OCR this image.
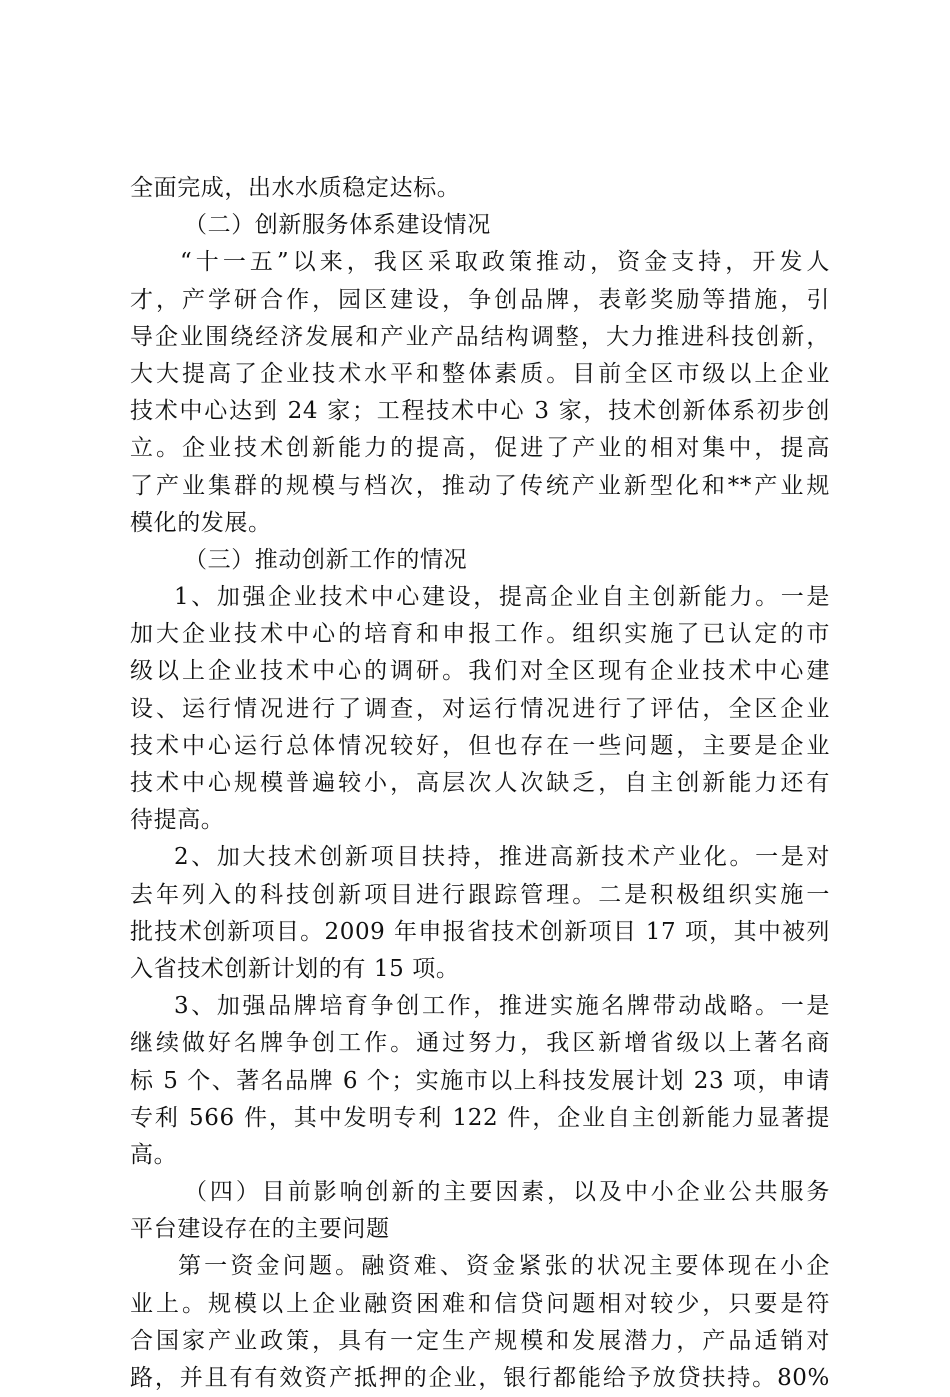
全面完成，出水水质稳定达标。
（二）创新服务体系建设情况
“十一五”以来，我区采取政策推动，资金支持，开发人
才，产学研合作，园区建设，争创品牌，表彰奖励等措施，引
导企业围绕经济发展和产业产品结构调整，大力推进科技创新，
大大提高了企业技术水平和整体素质。目前全区市级以上企业
技术中心达到 24 家；工程技术中心 3 家，技术创新体系初步创
立。企业技术创新能力的提高，促进了产业的相对集中，提高
了产业集群的规模与档次，推动了传统产业新型化和**产业规
模化的发展。
（三）推动创新工作的情况
1、加强企业技术中心建设，提高企业自主创新能力。一是
加大企业技术中心的培育和申报工作。组织实施了已认定的市
级以上企业技术中心的调研。我们对全区现有企业技术中心建
设、运行情况进行了调查，对运行情况进行了评估，全区企业
技术中心运行总体情况较好，但也存在一些问题，主要是企业
技术中心规模普遍较小，高层次人次缺乏，自主创新能力还有
待提高。
2、加大技术创新项目扶持，推进高新技术产业化。一是对
去年列入的科技创新项目进行跟踪管理。二是积极组织实施一
批技术创新项目。2009 年申报省技术创新项目 17 项，其中被列
入省技术创新计划的有 15 项。
3、加强品牌培育争创工作，推进实施名牌带动战略。一是
继续做好名牌争创工作。通过努力，我区新增省级以上著名商
标 5 个、著名品牌 6 个；实施市以上科技发展计划 23 项，申请
专利 566 件，其中发明专利 122 件，企业自主创新能力显著提
高。
（四）目前影响创新的主要因素，以及中小企业公共服务
平台建设存在的主要问题
第一资金问题。融资难、资金紧张的状况主要体现在小企
业上。规模以上企业融资困难和信贷问题相对较少，只要是符
合国家产业政策，具有一定生产规模和发展潜力，产品适销对
路，并且有有效资产抵押的企业，银行都能给予放贷扶持。80%
